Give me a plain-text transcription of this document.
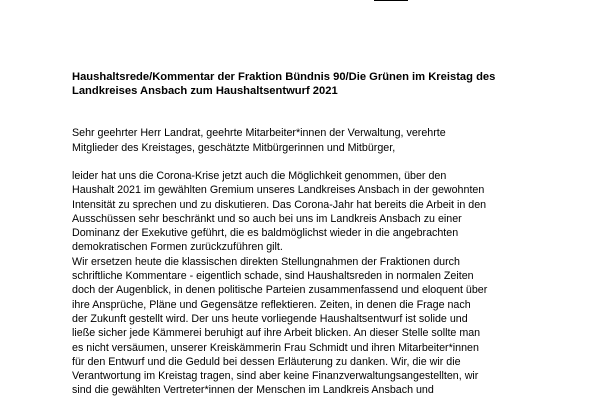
Haushaltsrede/Kommentar der Fraktion Bündnis 90/Die Grünen im Kreistag des
Landkreises Ansbach zum Haushaltsentwurf 2021

Sehr geehrter Herr Landrat, geehrte Mitarbeiter*innen der Verwaltung, verehrte
Mitglieder des Kreistages, geschätzte Mitbürgerinnen und Mitbürger,

leider hat uns die Corona-Krise jetzt auch die Möglichkeit genommen, über den
Haushalt 2021 im gewählten Gremium unseres Landkreises Ansbach in der gewohnten
Intensität zu sprechen und zu diskutieren. Das Corona-Jahr hat bereits die Arbeit in den
Ausschüssen sehr beschränkt und so auch bei uns im Landkreis Ansbach zu einer
Dominanz der Exekutive geführt, die es baldmöglichst wieder in die angebrachten
demokratischen Formen zurückzuführen gilt.
Wir ersetzen heute die klassischen direkten Stellungnahmen der Fraktionen durch
schriftliche Kommentare - eigentlich schade, sind Haushaltsreden in normalen Zeiten
doch der Augenblick, in denen politische Parteien zusammenfassend und eloquent über
ihre Ansprüche, Pläne und Gegensätze reflektieren. Zeiten, in denen die Frage nach
der Zukunft gestellt wird. Der uns heute vorliegende Haushaltsentwurf ist solide und
ließe sicher jede Kämmerei beruhigt auf ihre Arbeit blicken. An dieser Stelle sollte man
es nicht versäumen, unserer Kreiskämmerin Frau Schmidt und ihren Mitarbeiter*innen
für den Entwurf und die Geduld bei dessen Erläuterung zu danken. Wir, die wir die
Verantwortung im Kreistag tragen, sind aber keine Finanzverwaltungsangestellten, wir
sind die gewählten Vertreter*innen der Menschen im Landkreis Ansbach und
